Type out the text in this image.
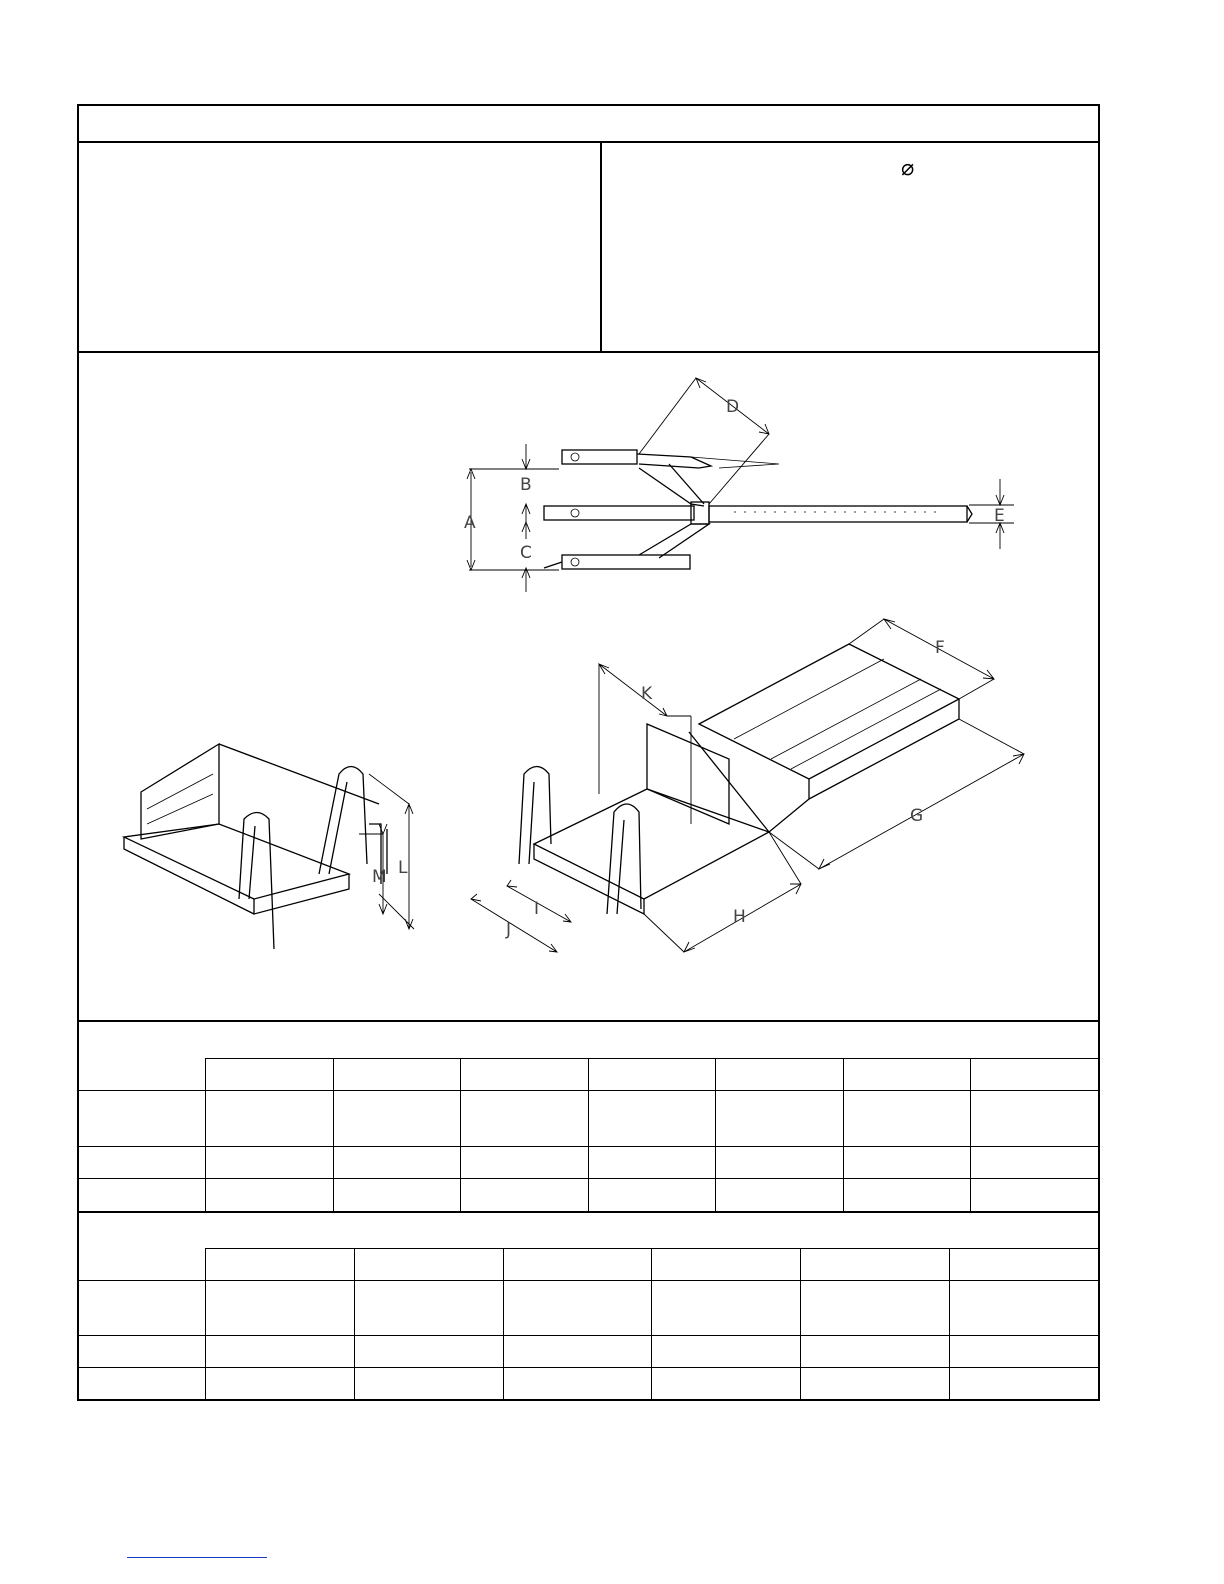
⌀
A
B
C
D
E
L
M
F
G
H
I
J
K
